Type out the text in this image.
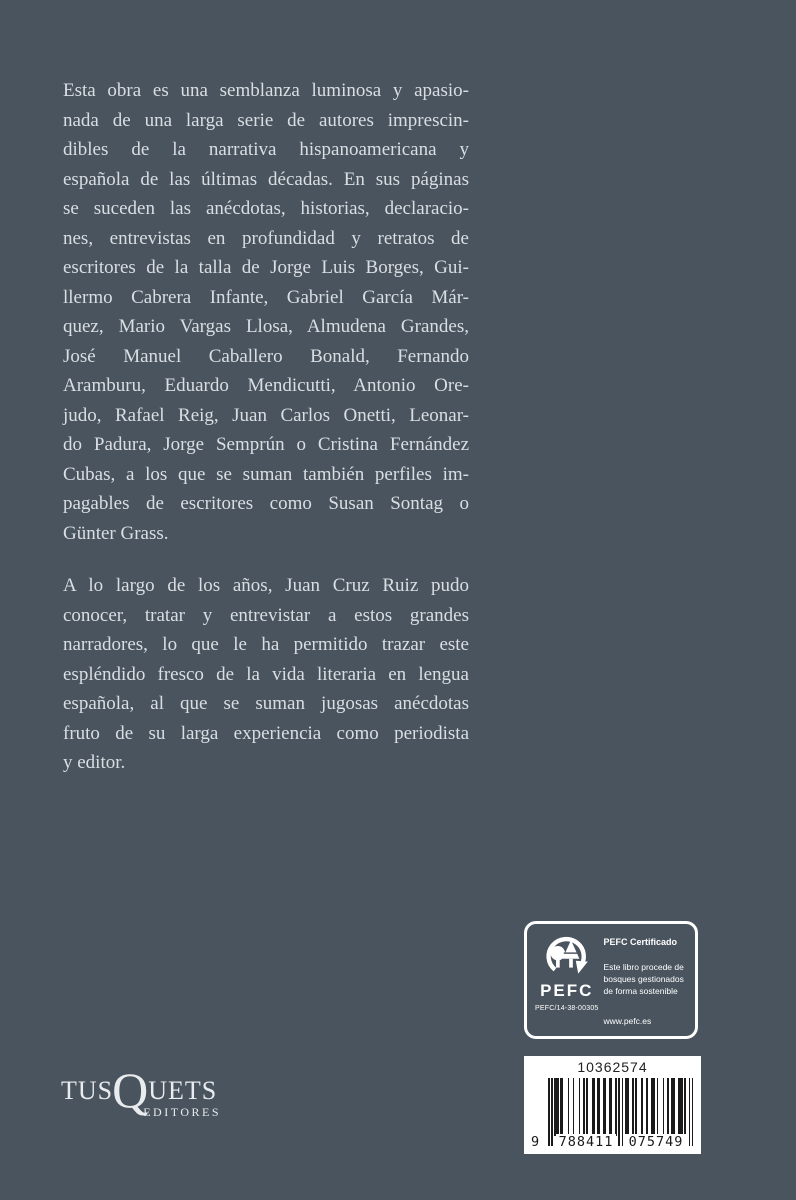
Esta obra es una semblanza luminosa y apasio-
nada de una larga serie de autores imprescin-
dibles de la narrativa hispanoamericana y
española de las últimas décadas. En sus páginas
se suceden las anécdotas, historias, declaracio-
nes, entrevistas en profundidad y retratos de
escritores de la talla de Jorge Luis Borges, Gui-
llermo Cabrera Infante, Gabriel García Már-
quez, Mario Vargas Llosa, Almudena Grandes,
José Manuel Caballero Bonald, Fernando
Aramburu, Eduardo Mendicutti, Antonio Ore-
judo, Rafael Reig, Juan Carlos Onetti, Leonar-
do Padura, Jorge Semprún o Cristina Fernández
Cubas, a los que se suman también perfiles im-
pagables de escritores como Susan Sontag o
Günter Grass.
A lo largo de los años, Juan Cruz Ruiz pudo
conocer, tratar y entrevistar a estos grandes
narradores, lo que le ha permitido trazar este
espléndido fresco de la vida literaria en lengua
española, al que se suman jugosas anécdotas
fruto de su larga experiencia como periodista
y editor.
PEFC
PEFC/14-38-00305
PEFC Certificado
Este libro procede de bosques gestionados de forma sostenible
www.pefc.es
10362574
9 788411 075749
TUSQUETS
EDITORES
